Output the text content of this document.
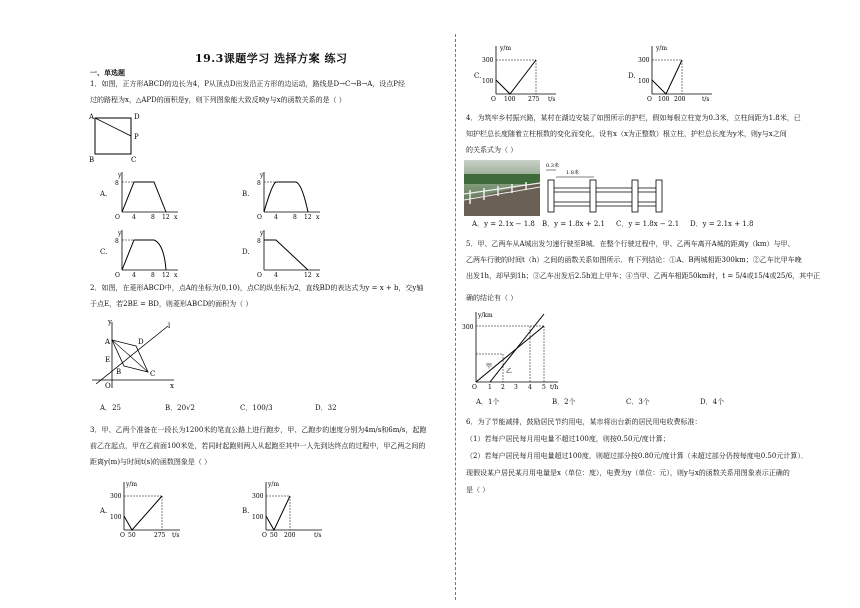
19.3课题学习 选择方案 练习
一、单选题
1．如图，正方形ABCD的边长为4，P从顶点D出发沿正方形的边运动，路线是D→C→B→A，设点P经
过的路程为x，△APD的面积是y，则下列图象能大致反映y与x的函数关系的是（ ）
A	D
P
B	C
A.
y
8
O 4	8 12 x
B.
y
8
O 4	8 12 x
C.
y
8
O 4	8 12 x
D.
y
8
O 4	12 x
2．如图，在菱形ABCD中，点A的坐标为(0,10)，点C的纵坐标为2，直线BD的表达式为y = x + b，交y轴
于点E，若2BE = BD，则菱形ABCD的面积为（ ）
y	l
A	D
E
B	C
O	x
A．25	B．20√2	C．100/3	D．32
3．甲、乙两个准备在一段长为1200米的笔直公路上进行跑步，甲、乙跑步的速度分别为4m/s和6m/s，起跑
前乙在起点，甲在乙前面100米处，若同时起跑则两人从起跑至其中一人先到达终点的过程中，甲乙两之间的
距离y(m)与时间t(s)的函数图象是（ ）
A.
y/m
300
100
O 50	275 t/s
B.
y/m
300
100
O 50 200	t/s
C.
y/m
300
100
O 100 275 t/s
D.
y/m
300
100
O 100 200	t/s
4．为筑牢乡村振兴路，某村在湖边安装了如图所示的护栏，假如每根立柱宽为0.3米，立柱间距为1.8米，已
知护栏总长度随着立柱根数的变化而变化，设有x（x为正整数）根立柱，护栏总长度为y米，则y与x之间
的关系式为（ ）
0.3米
1.8米
A．y = 2.1x − 1.8 B．y = 1.8x + 2.1 C．y = 1.8x − 2.1 D．y = 2.1x + 1.8
5．甲、乙两车从A城出发匀速行驶至B城．在整个行驶过程中，甲、乙两车离开A城的距离y（km）与甲、
乙两车行驶的时间t（h）之间的函数关系如图所示．有下列结论：①A、B两城相距300km；②乙车比甲车晚
出发1h，却早到1h；③乙车出发后2.5h追上甲车；④当甲、乙两车相距50km时，t = 5/4或15/4或25/6，其中正
确的结论有（ ）
y/km
300
O 1 2 3 4 5 t/h
甲
乙
A．1个	B．2个	C．3个	D．4个
6．为了节能减排，鼓励居民节约用电，某市将出台新的居民用电收费标准：
（1）若每户居民每月用电量不超过100度，则按0.50元/度计算；
（2）若每户居民每月用电量超过100度，则超过部分按0.80元/度计算（未超过部分仍按每度电0.50元计算）．
现假设某户居民某月用电量是x（单位：度），电费为y（单位：元），则y与x的函数关系用图象表示正确的
是（ ）
